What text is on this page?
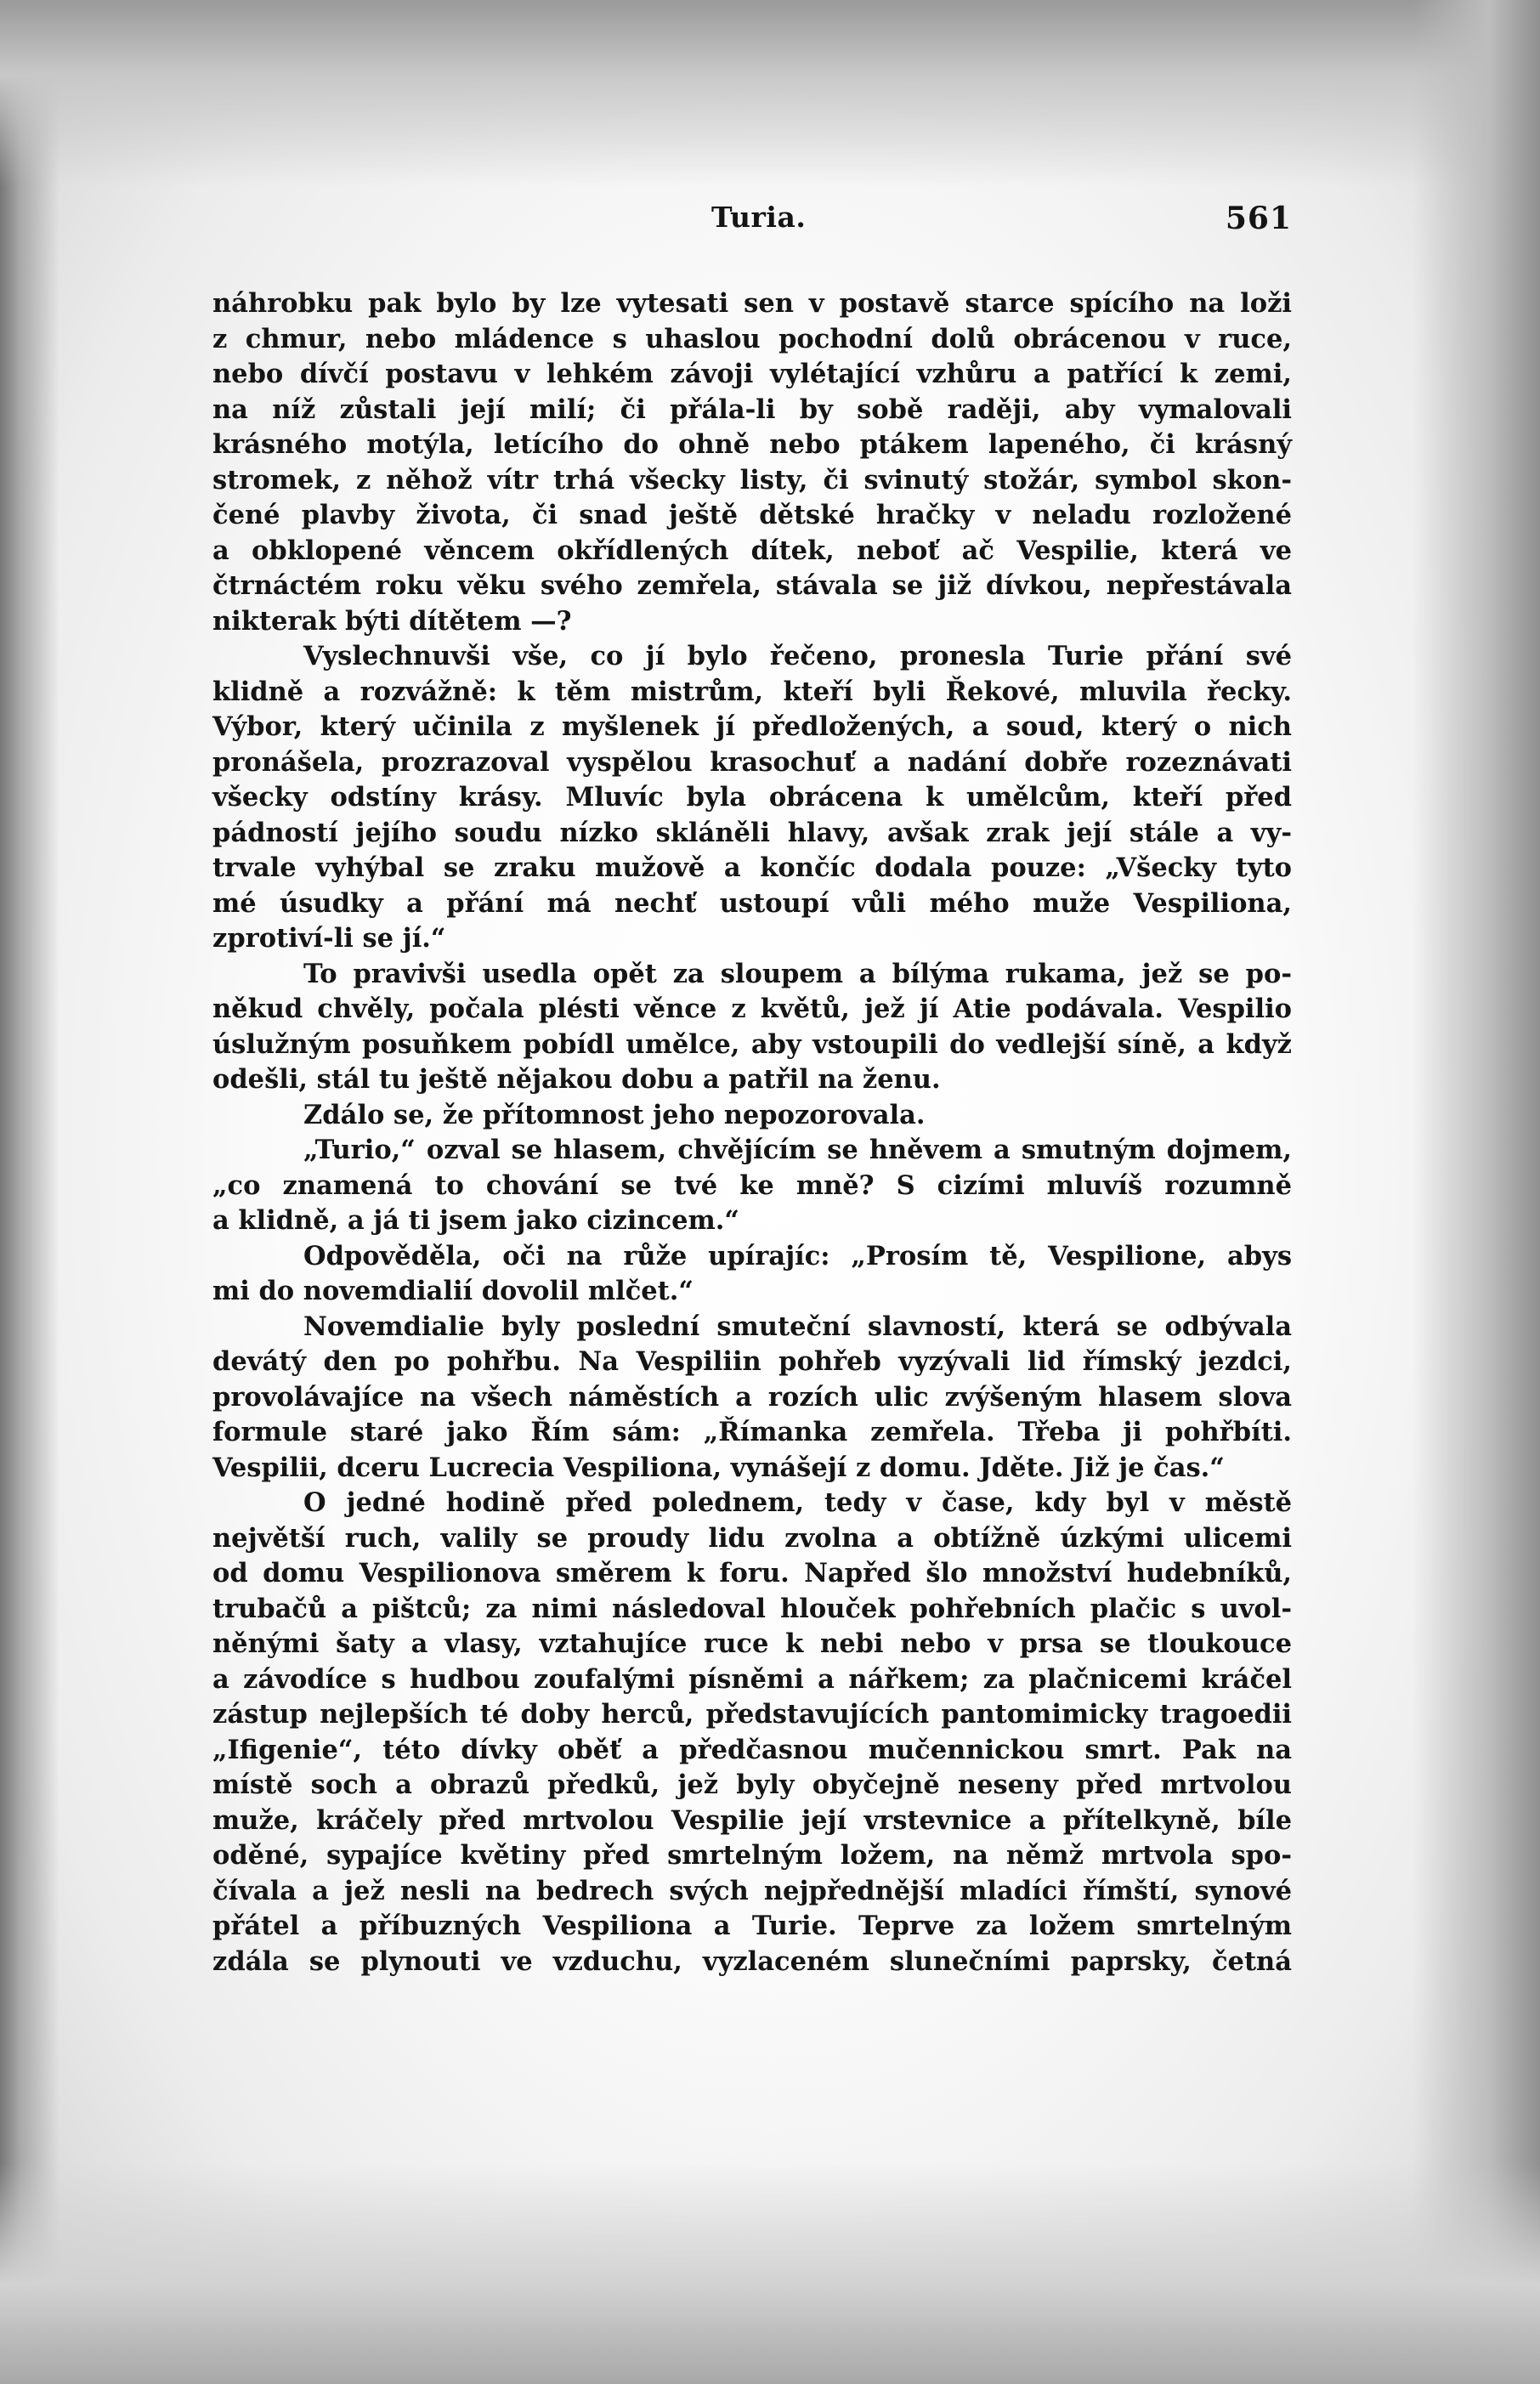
Turia.	561
náhrobku pak bylo by lze vytesati sen v postavě starce spícího na loži
z chmur, nebo mládence s uhaslou pochodní dolů obrácenou v ruce,
nebo dívčí postavu v lehkém závoji vylétající vzhůru a patřící k zemi,
na níž zůstali její milí; či přála-li by sobě raději, aby vymalovali
krásného motýla, letícího do ohně nebo ptákem lapeného, či krásný
stromek, z něhož vítr trhá všecky listy, či svinutý stožár, symbol skon-
čené plavby života, či snad ještě dětské hračky v neladu rozložené
a obklopené věncem okřídlených dítek, neboť ač Vespilie, která ve
čtrnáctém roku věku svého zemřela, stávala se již dívkou, nepřestávala
nikterak býti dítětem —?
Vyslechnuvši vše, co jí bylo řečeno, pronesla Turie přání své
klidně a rozvážně: k těm mistrům, kteří byli Řekové, mluvila řecky.
Výbor, který učinila z myšlenek jí předložených, a soud, který o nich
pronášela, prozrazoval vyspělou krasochuť a nadání dobře rozeznávati
všecky odstíny krásy. Mluvíc byla obrácena k umělcům, kteří před
pádností jejího soudu nízko skláněli hlavy, avšak zrak její stále a vy-
trvale vyhýbal se zraku mužově a končíc dodala pouze: „Všecky tyto
mé úsudky a přání má nechť ustoupí vůli mého muže Vespiliona,
zprotiví-li se jí.“
To pravivši usedla opět za sloupem a bílýma rukama, jež se po-
někud chvěly, počala plésti věnce z květů, jež jí Atie podávala. Vespilio
úslužným posuňkem pobídl umělce, aby vstoupili do vedlejší síně, a když
odešli, stál tu ještě nějakou dobu a patřil na ženu.
Zdálo se, že přítomnost jeho nepozorovala.
„Turio,“ ozval se hlasem, chvějícím se hněvem a smutným dojmem,
„co znamená to chování se tvé ke mně? S cizími mluvíš rozumně
a klidně, a já ti jsem jako cizincem.“
Odpověděla, oči na růže upírajíc: „Prosím tě, Vespilione, abys
mi do novemdialií dovolil mlčet.“
Novemdialie byly poslední smuteční slavností, která se odbývala
devátý den po pohřbu. Na Vespiliin pohřeb vyzývali lid římský jezdci,
provolávajíce na všech náměstích a rozích ulic zvýšeným hlasem slova
formule staré jako Řím sám: „Římanka zemřela. Třeba ji pohřbíti.
Vespilii, dceru Lucrecia Vespiliona, vynášejí z domu. Jděte. Již je čas.“
O jedné hodině před polednem, tedy v čase, kdy byl v městě
největší ruch, valily se proudy lidu zvolna a obtížně úzkými ulicemi
od domu Vespilionova směrem k foru. Napřed šlo množství hudebníků,
trubačů a pištců; za nimi následoval hlouček pohřebních plačic s uvol-
něnými šaty a vlasy, vztahujíce ruce k nebi nebo v prsa se tloukouce
a závodíce s hudbou zoufalými písněmi a nářkem; za plačnicemi kráčel
zástup nejlepších té doby herců, představujících pantomimicky tragoedii
„Ifigenie“, této dívky oběť a předčasnou mučennickou smrt. Pak na
místě soch a obrazů předků, jež byly obyčejně neseny před mrtvolou
muže, kráčely před mrtvolou Vespilie její vrstevnice a přítelkyně, bíle
oděné, sypajíce květiny před smrtelným ložem, na němž mrtvola spo-
čívala a jež nesli na bedrech svých nejpřednější mladíci římští, synové
přátel a příbuzných Vespiliona a Turie. Teprve za ložem smrtelným
zdála se plynouti ve vzduchu, vyzlaceném slunečními paprsky, četná
